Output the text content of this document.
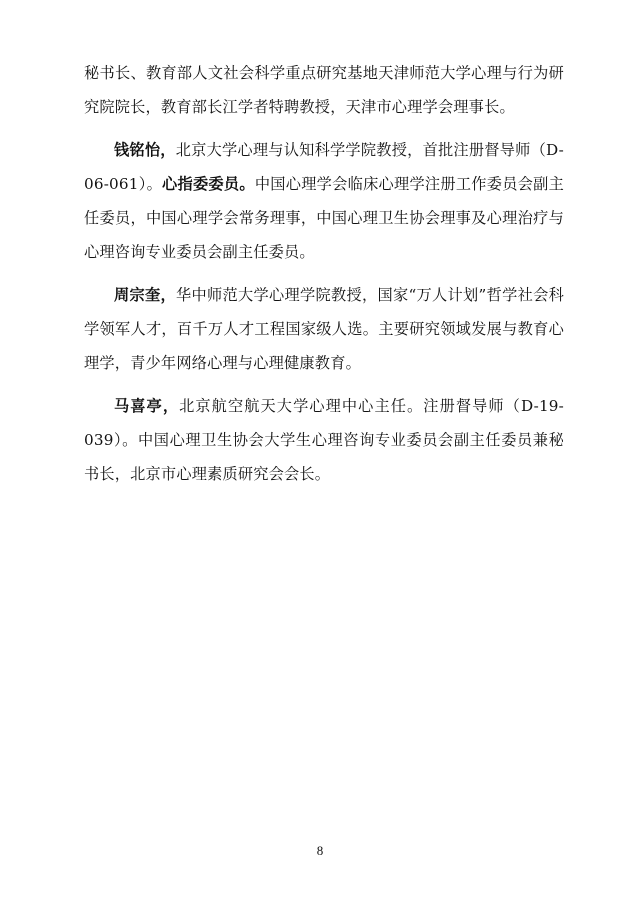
秘书长、教育部人文社会科学重点研究基地天津师范大学心理与行为研究院院长，教育部长江学者特聘教授，天津市心理学会理事长。

钱铭怡，北京大学心理与认知科学学院教授，首批注册督导师（D-06-061）。心指委委员。中国心理学会临床心理学注册工作委员会副主任委员，中国心理学会常务理事，中国心理卫生协会理事及心理治疗与心理咨询专业委员会副主任委员。

周宗奎，华中师范大学心理学院教授，国家“万人计划”哲学社会科学领军人才，百千万人才工程国家级人选。主要研究领域发展与教育心理学，青少年网络心理与心理健康教育。

马喜亭，北京航空航天大学心理中心主任。注册督导师（D-19-039）。中国心理卫生协会大学生心理咨询专业委员会副主任委员兼秘书长，北京市心理素质研究会会长。

8
